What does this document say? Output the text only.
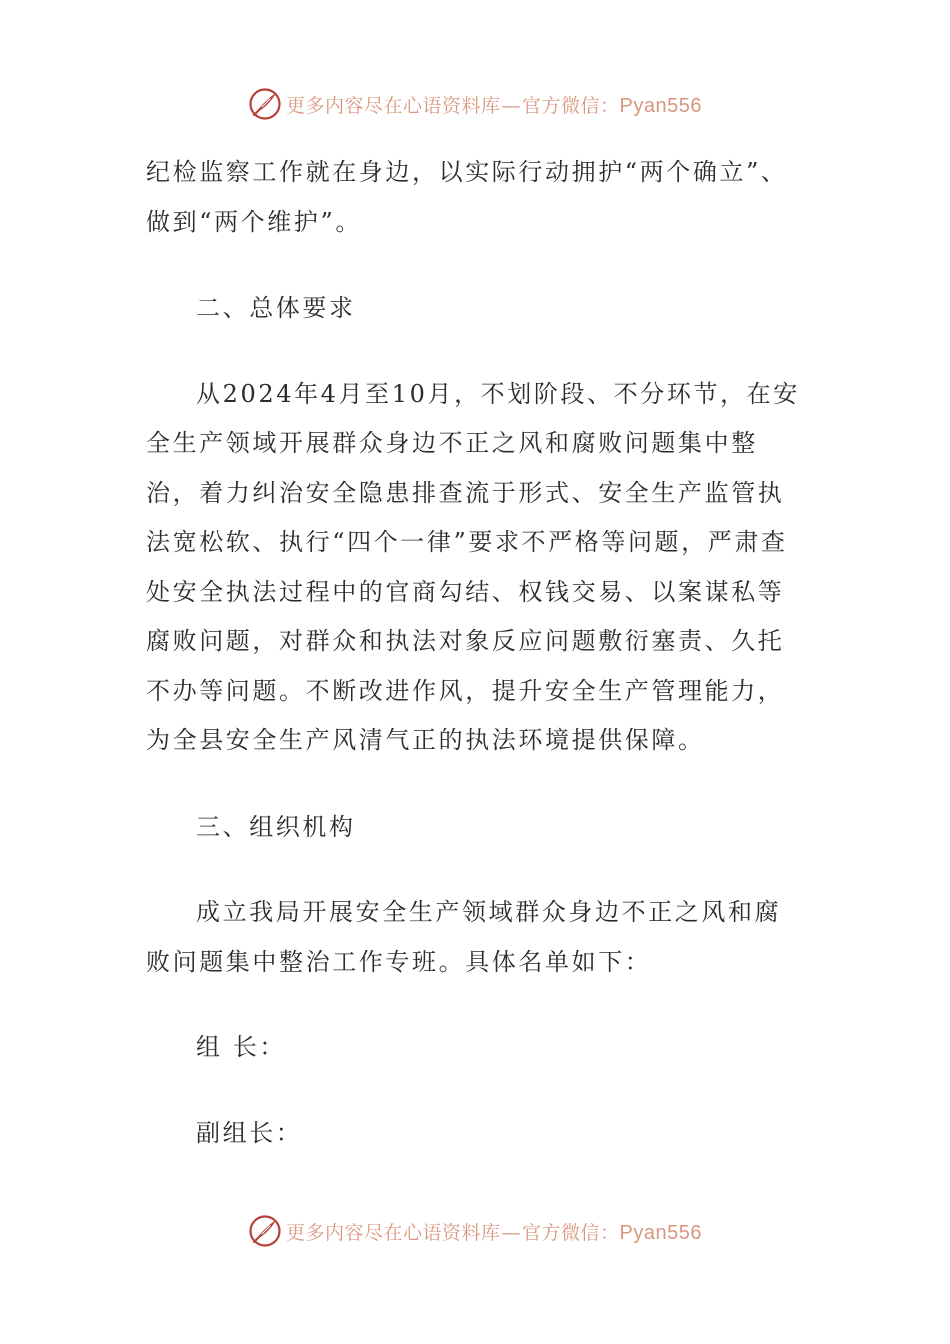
更多内容尽在心语资料库—官方微信：Pyan556

纪检监察工作就在身边，以实际行动拥护“两个确立”、做到“两个维护”。

二、总体要求

从2024年4月至10月，不划阶段、不分环节，在安全生产领域开展群众身边不正之风和腐败问题集中整治，着力纠治安全隐患排查流于形式、安全生产监管执法宽松软、执行“四个一律”要求不严格等问题，严肃查处安全执法过程中的官商勾结、权钱交易、以案谋私等腐败问题，对群众和执法对象反应问题敷衍塞责、久托不办等问题。不断改进作风，提升安全生产管理能力，为全县安全生产风清气正的执法环境提供保障。

三、组织机构

成立我局开展安全生产领域群众身边不正之风和腐败问题集中整治工作专班。具体名单如下：

组 长：

副组长：

更多内容尽在心语资料库—官方微信：Pyan556
